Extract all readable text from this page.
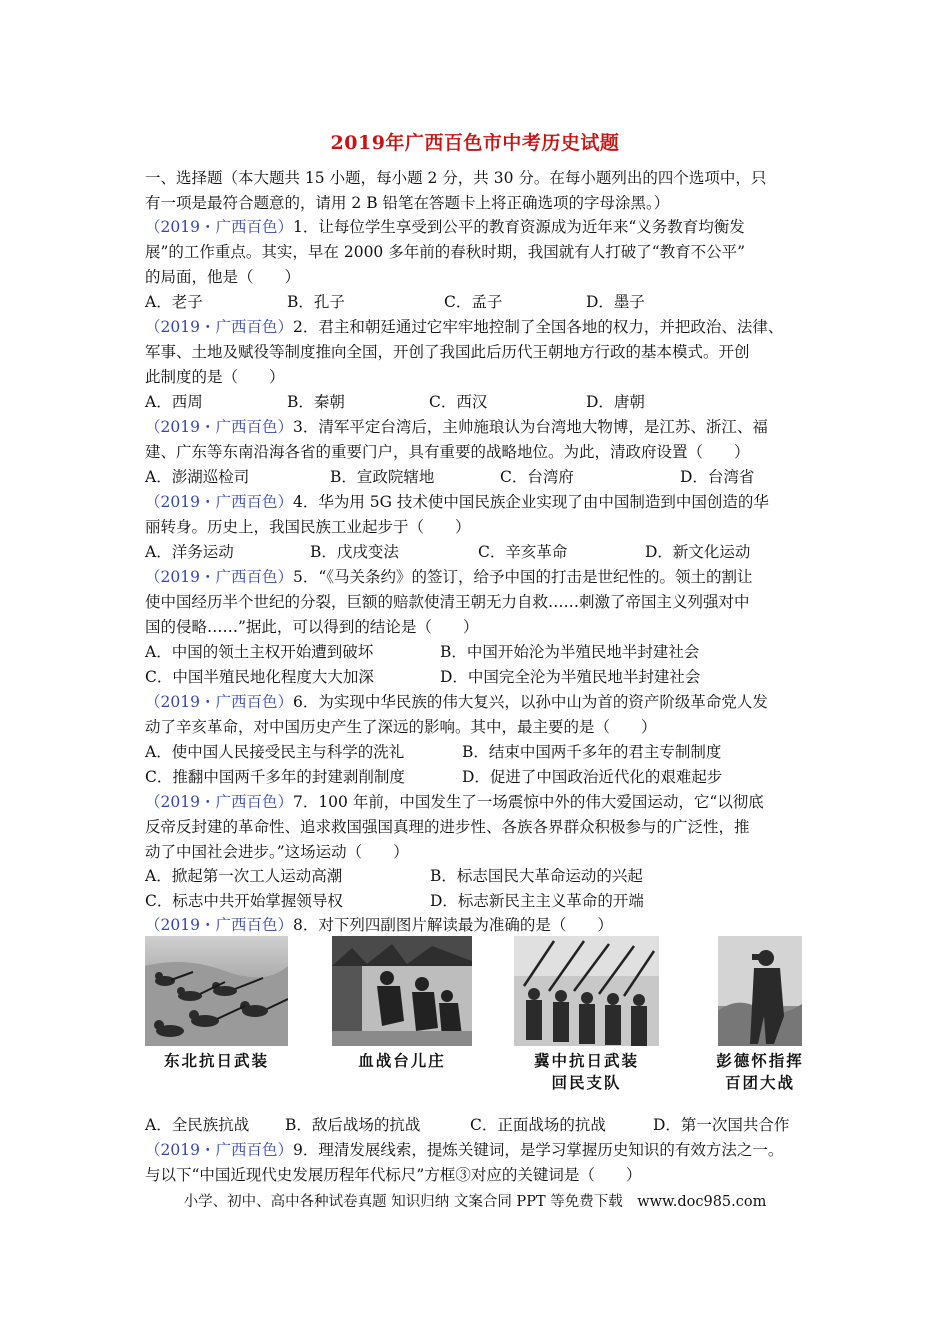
2019年广西百色市中考历史试题
一、选择题（本大题共 15 小题，每小题 2 分，共 30 分。在每小题列出的四个选项中，只
有一项是最符合题意的，请用 2 B 铅笔在答题卡上将正确选项的字母涂黑。）
（2019・广西百色）1．让每位学生享受到公平的教育资源成为近年来“义务教育均衡发
展”的工作重点。其实，早在 2000 多年前的春秋时期，我国就有人打破了“教育不公平”
的局面，他是（　　）
A．老子	B．孔子	C．孟子	D．墨子
（2019・广西百色）2．君主和朝廷通过它牢牢地控制了全国各地的权力，并把政治、法律、
军事、土地及赋役等制度推向全国，开创了我国此后历代王朝地方行政的基本模式。开创
此制度的是（　　）
A．西周	B．秦朝	C．西汉	D．唐朝
（2019・广西百色）3．清军平定台湾后，主帅施琅认为台湾地大物博，是江苏、浙江、福
建、广东等东南沿海各省的重要门户，具有重要的战略地位。为此，清政府设置（　　）
A．澎湖巡检司	B．宣政院辖地	C．台湾府	D．台湾省
（2019・广西百色）4．华为用 5G 技术使中国民族企业实现了由中国制造到中国创造的华
丽转身。历史上，我国民族工业起步于（　　）
A．洋务运动	B．戊戌变法	C．辛亥革命	D．新文化运动
（2019・广西百色）5．“《马关条约》的签订，给予中国的打击是世纪性的。领土的割让
使中国经历半个世纪的分裂，巨额的赔款使清王朝无力自救……刺激了帝国主义列强对中
国的侵略……”据此，可以得到的结论是（　　）
A．中国的领土主权开始遭到破坏	B．中国开始沦为半殖民地半封建社会
C．中国半殖民地化程度大大加深	D．中国完全沦为半殖民地半封建社会
（2019・广西百色）6．为实现中华民族的伟大复兴，以孙中山为首的资产阶级革命党人发
动了辛亥革命，对中国历史产生了深远的影响。其中，最主要的是（　　）
A．使中国人民接受民主与科学的洗礼	B．结束中国两千多年的君主专制制度
C．推翻中国两千多年的封建剥削制度	D．促进了中国政治近代化的艰难起步
（2019・广西百色）7．100 年前，中国发生了一场震惊中外的伟大爱国运动，它“以彻底
反帝反封建的革命性、追求救国强国真理的进步性、各族各界群众积极参与的广泛性，推
动了中国社会进步。”这场运动（　　）
A．掀起第一次工人运动高潮	B．标志国民大革命运动的兴起
C．标志中共开始掌握领导权	D．标志新民主主义革命的开端
（2019・广西百色）8．对下列四副图片解读最为准确的是（　　）
东北抗日武装	血战台儿庄	冀中抗日武装
回民支队
彭德怀指挥
百团大战
A．全民族抗战 B．敌后战场的抗战	C．正面战场的抗战	D．第一次国共合作
（2019・广西百色）9．理清发展线索，提炼关键词，是学习掌握历史知识的有效方法之一。
与以下“中国近现代史发展历程年代标尺”方框③对应的关键词是（　　）
小学、初中、高中各种试卷真题 知识归纳 文案合同 PPT 等免费下载　www.doc985.com
